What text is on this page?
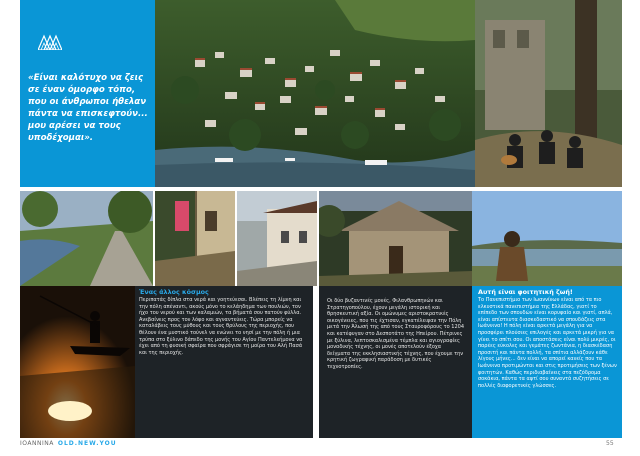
«Είναι καλότυχο να ζεις σε έναν όμορφο τόπο, που οι άνθρωποι ήθελαν πάντα να επισκεφτούν... μου αρέσει να τους υποδέχομαι».
Ένας άλλος κόσμος
Περιπατάς δίπλα στα νερά και γοητεύεσαι. Βλέπεις τη λίμνη και την πόλη απέναντι, ακούς μόνο το κελάηδημα των πουλιών, τον ήχο του νερού και των καλαμιών, τα βήματά σου πατούν φύλλα. Ανεβαίνεις προς τον λόφο και αγναντεύεις. Τώρα μπορείς να καταλάβεις τους μύθους και τους θρύλους της περιοχής, που θέλουν ένα μυστικό τούνελ να ενώνει το νησί με την πόλη ή μια τρύπα στο ξύλινο δάπεδο της μονής του Αγίου Παντελεήμονα να έχει από τη φυσική σφαίρα που σφράγισε τη μοίρα του Αλή Πασά και της περιοχής.
Οι δύο βυζαντινές μονές, Φιλανθρωπηνών και Στρατηγοπούλου, έχουν μεγάλη ιστορική και θρησκευτική αξία. Οι ομώνυμες αριστοκρατικές οικογένειες, που τις έχτισαν, εγκατέλειψαν την Πόλη μετά την Άλωσή της από τους Σταυροφόρους το 1204 και κατέφυγαν στο Δεσποτάτο της Ηπείρου. Πέτρινες με ξύλινα, λεπτοσκαλισμένα τέμπλα και αγιογραφίες μοναδικής τέχνης, οι μονές αποτελούν έξοχα δείγματα της εκκλησιαστικής τέχνης, που έχουμε την κρητική ζωγραφική παράδοση με δυτικές τεχνοτροπίες.
Αυτή είναι φοιτητική ζωή!
Το Πανεπιστήμιο των Ιωαννίνων είναι από τα πιο ελκυστικά πανεπιστήμια της Ελλάδας, γιατί το επίπεδο των σπουδών είναι κορυφαίο και γιατί, απλά, είναι απίστευτα διασκεδαστικό να σπουδάζεις στα Ιωάννινα! Η πόλη είναι αρκετά μεγάλη για να προσφέρει πλούσιες επιλογές και αρκετά μικρή για να γίνει το σπίτι σου. Οι αποστάσεις είναι πολύ μικρές, οι παρέες εύκολες και γεμάτες ζωντάνια, η διασκέδαση προσιτή και πάντα πολλή, τα σπίτια αλλάζουν κάθε λίγους μήνες... δεν είναι να απορεί κανείς που τα Ιωάννινα προτιμώνται και στις προτιμήσεις των ξένων φοιτητών. Καθώς περιδιαβαίνεις στα πεζόδρομα σοκάκια, πάντα τα αφτί σου συναντά συζητήσεις σε πολλές διαφορετικές γλώσσες.
IOANNINA OLD.NEW.YOU	55
